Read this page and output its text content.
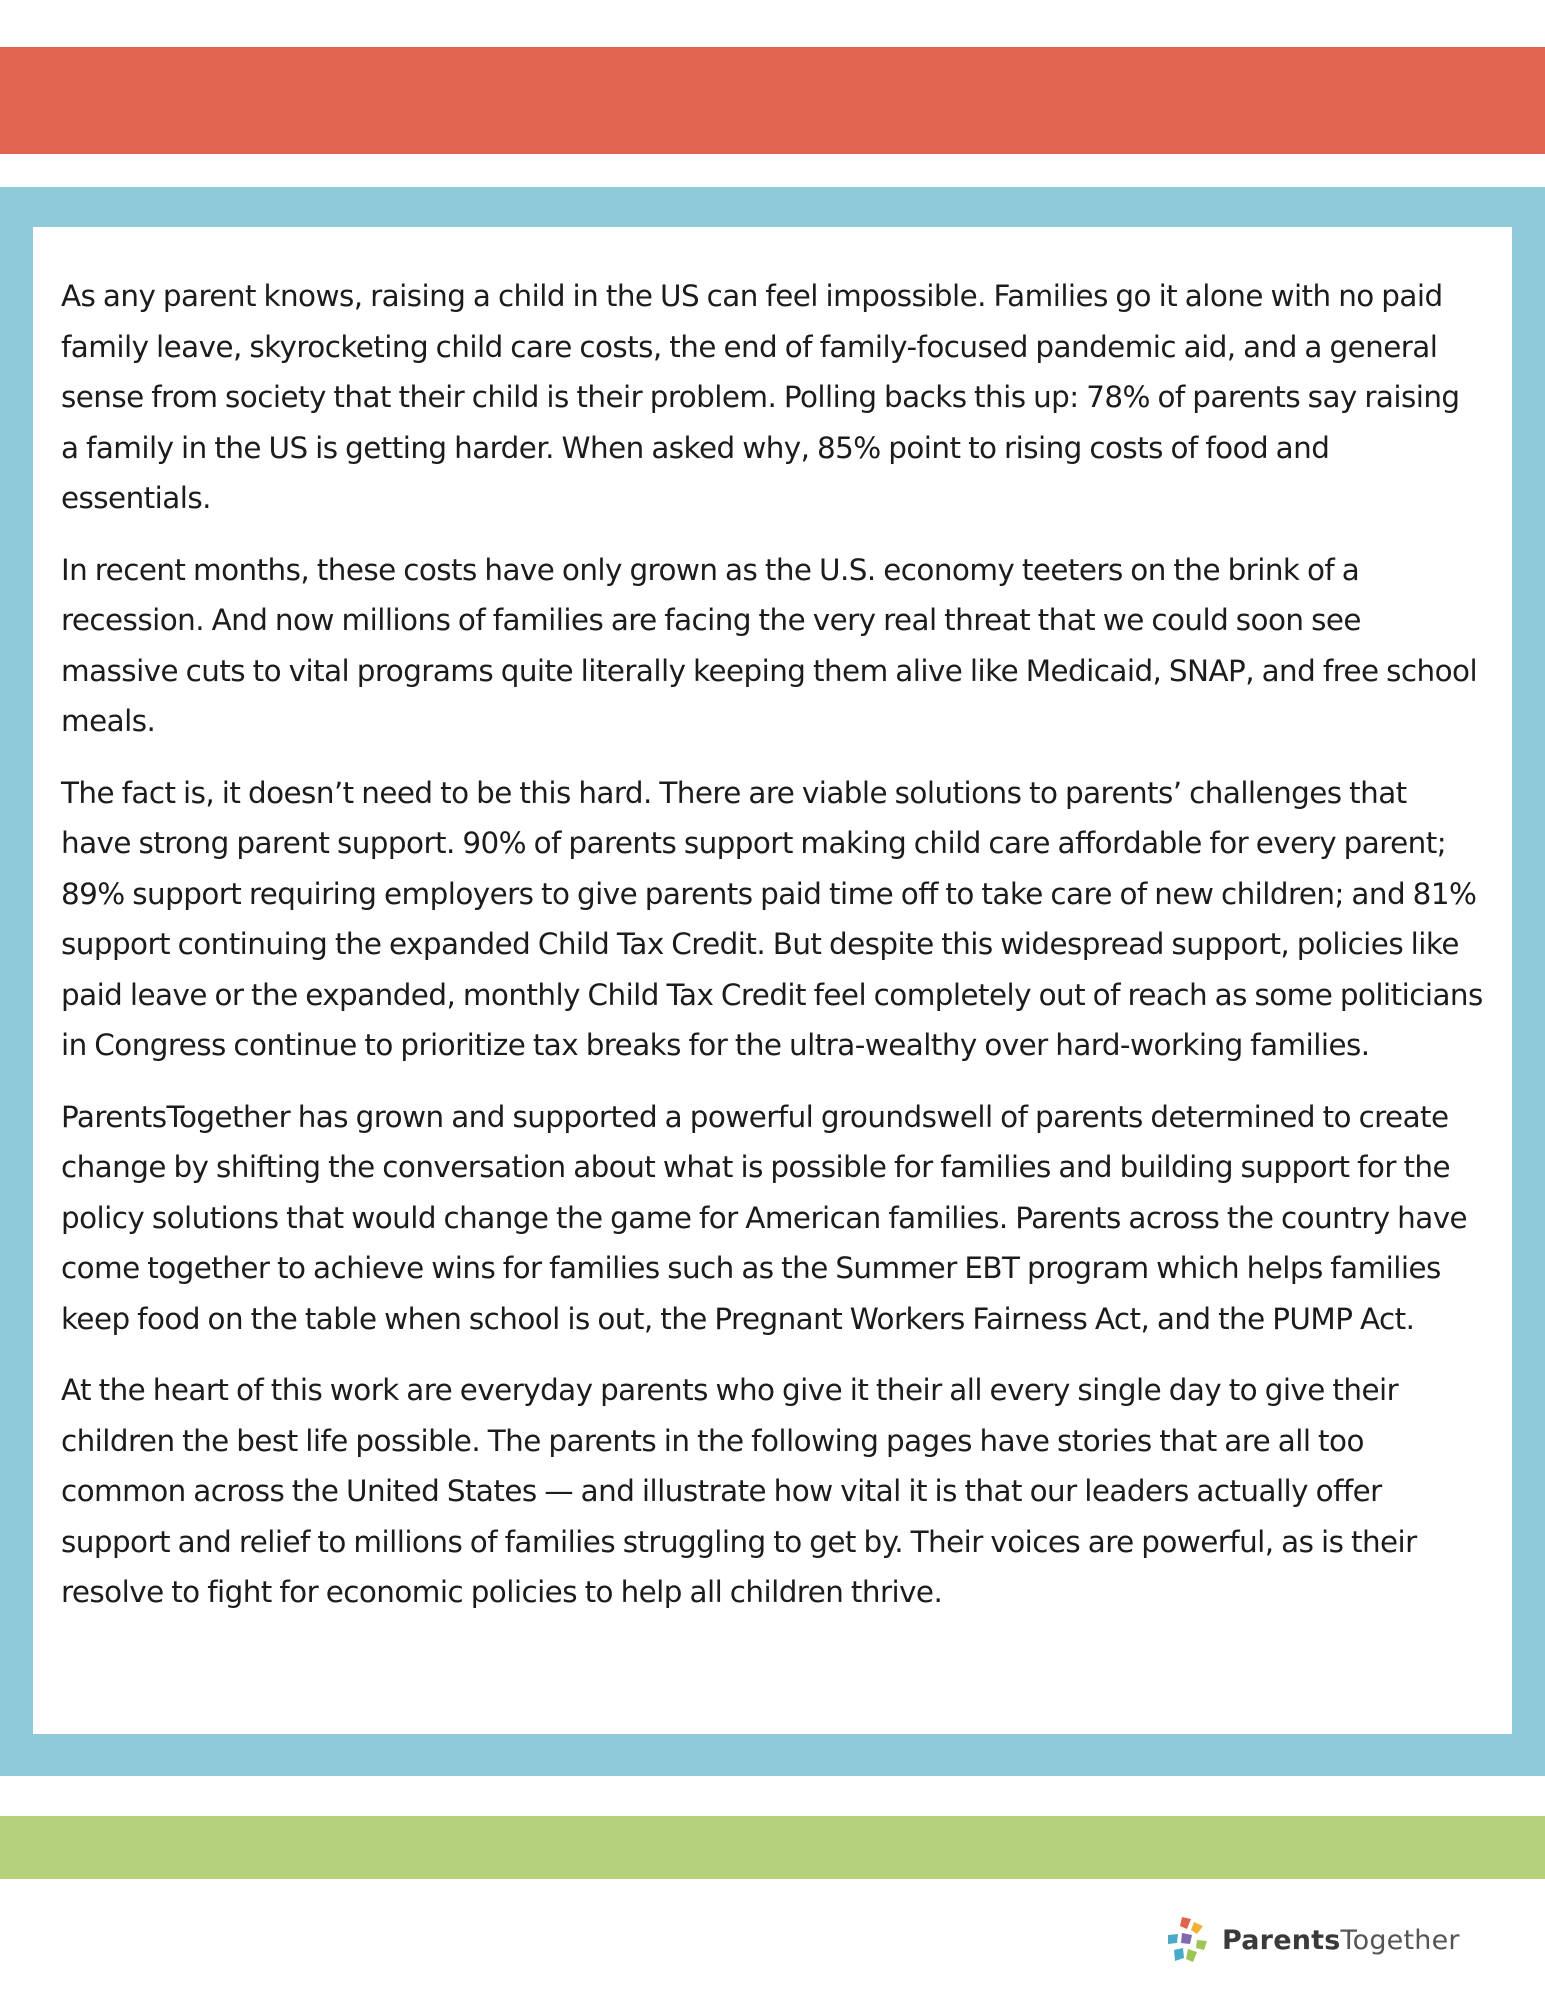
As any parent knows, raising a child in the US can feel impossible. Families go it alone with no paid family leave, skyrocketing child care costs, the end of family-focused pandemic aid, and a general sense from society that their child is their problem. Polling backs this up: 78% of parents say raising a family in the US is getting harder. When asked why, 85% point to rising costs of food and essentials.

In recent months, these costs have only grown as the U.S. economy teeters on the brink of a recession. And now millions of families are facing the very real threat that we could soon see massive cuts to vital programs quite literally keeping them alive like Medicaid, SNAP, and free school meals.

The fact is, it doesn’t need to be this hard. There are viable solutions to parents’ challenges that have strong parent support. 90% of parents support making child care affordable for every parent; 89% support requiring employers to give parents paid time off to take care of new children; and 81% support continuing the expanded Child Tax Credit. But despite this widespread support, policies like paid leave or the expanded, monthly Child Tax Credit feel completely out of reach as some politicians in Congress continue to prioritize tax breaks for the ultra-wealthy over hard-working families.

ParentsTogether has grown and supported a powerful groundswell of parents determined to create change by shifting the conversation about what is possible for families and building support for the policy solutions that would change the game for American families. Parents across the country have come together to achieve wins for families such as the Summer EBT program which helps families keep food on the table when school is out, the Pregnant Workers Fairness Act, and the PUMP Act.

At the heart of this work are everyday parents who give it their all every single day to give their children the best life possible. The parents in the following pages have stories that are all too common across the United States — and illustrate how vital it is that our leaders actually offer support and relief to millions of families struggling to get by. Their voices are powerful, as is their resolve to fight for economic policies to help all children thrive.

ParentsTogether
